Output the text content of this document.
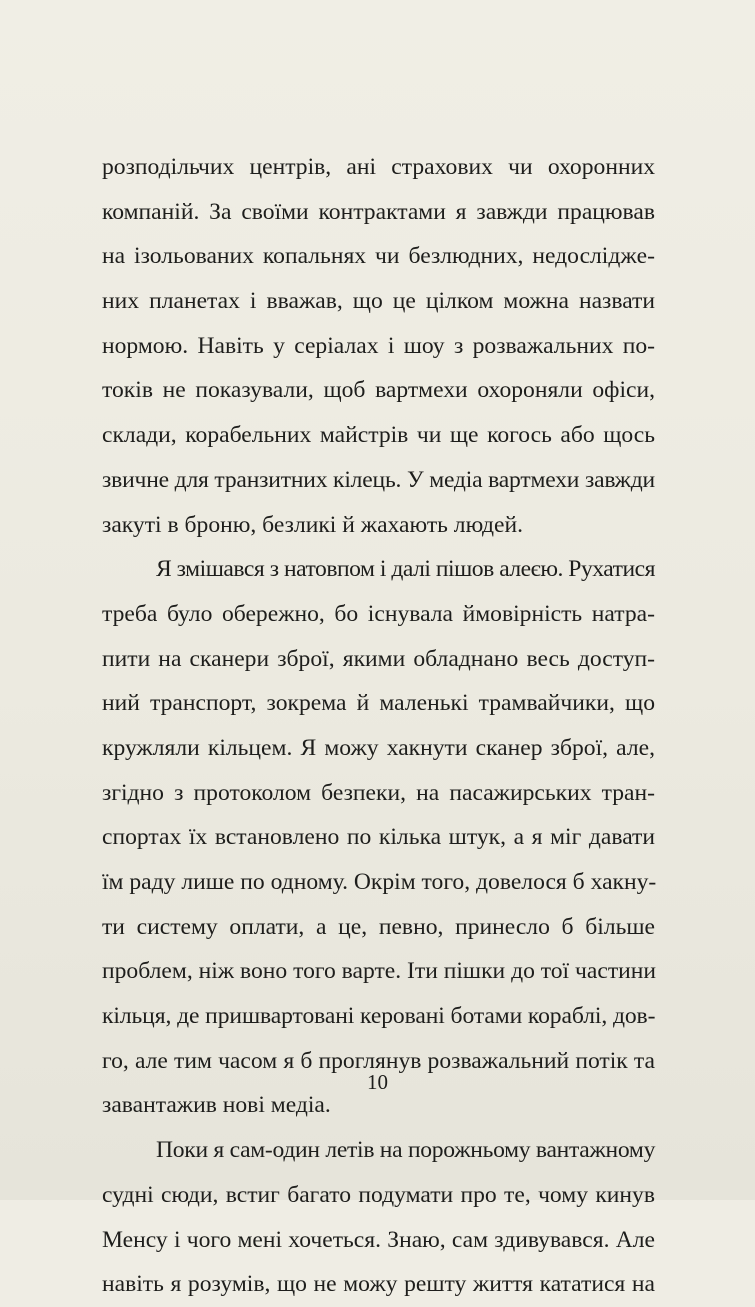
розподільчих центрів, ані страхових чи охоронних
компаній. За своїми контрактами я завжди працював
на ізольованих копальнях чи безлюдних, недосліджe-
них планетах і вважав, що це цілком можна назвати
нормою. Навіть у серіалах і шоу з розважальних по-
токів не показували, щоб вартмехи охороняли офіси,
склади, корабельних майстрів чи ще когось або щось
звичне для транзитних кілець. У медіа вартмехи завжди
закуті в броню, безликі й жахають людей.
Я змішався з натовпом і далі пішов алеєю. Рухатися
треба було обережно, бо існувала ймовірність натра-
пити на сканери зброї, якими обладнано весь доступ-
ний транспорт, зокрема й маленькі трамвайчики, що
кружляли кільцем. Я можу хакнути сканер зброї, але,
згідно з протоколом безпеки, на пасажирських тран-
спортах їх встановлено по кілька штук, а я міг давати
їм раду лише по одному. Окрім того, довелося б хакну-
ти систему оплати, а це, певно, принесло б більше
проблем, ніж воно того варте. Іти пішки до тої частини
кільця, де пришвартовані керовані ботами кораблі, дов-
го, але тим часом я б проглянув розважальний потік та
завантажив нові медіа.
Поки я сам-один летів на порожньому вантажному
судні сюди, встиг багато подумати про те, чому кинув
Менсу і чого мені хочеться. Знаю, сам здивувався. Але
навіть я розумів, що не можу решту життя кататися на
10
